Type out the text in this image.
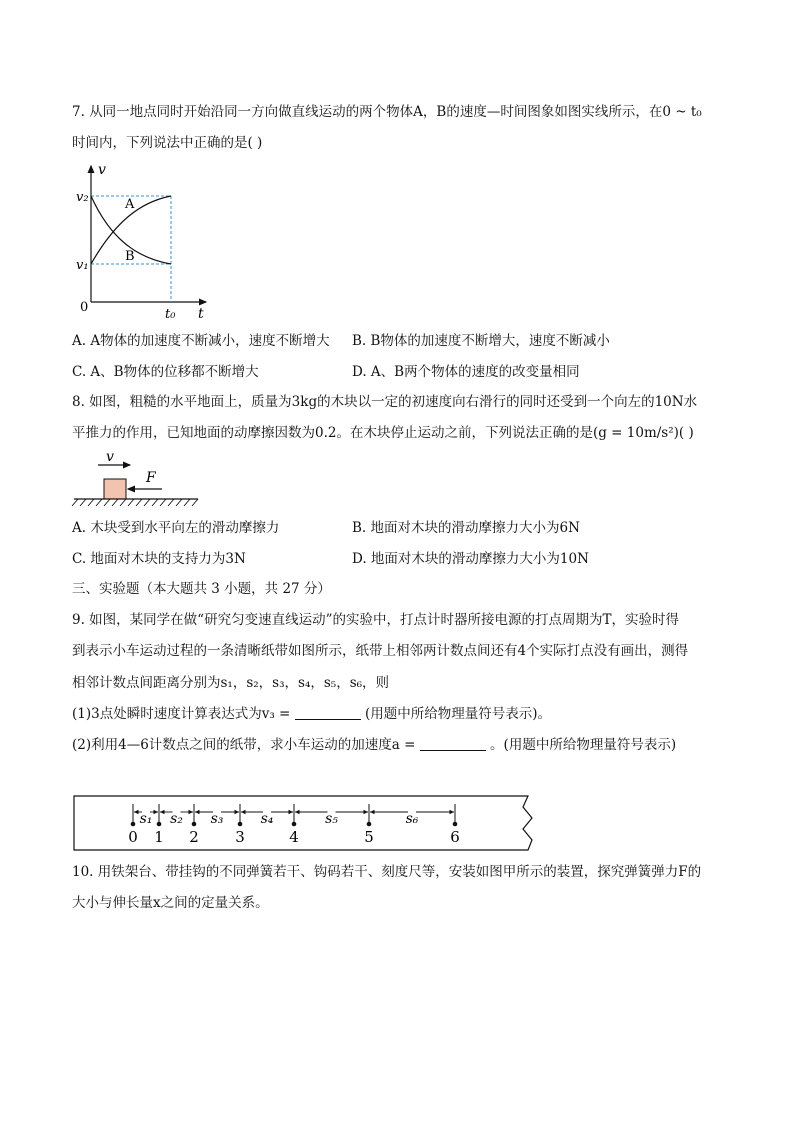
7. 从同一地点同时开始沿同一方向做直线运动的两个物体A，B的速度—时间图象如图实线所示，在0 ~ t₀
时间内，下列说法中正确的是( )
v
t
v₂
v₁
0	t₀
A
B
A. A物体的加速度不断减小，速度不断增大 B. B物体的加速度不断增大，速度不断减小
C. A、B物体的位移都不断增大	D. A、B两个物体的速度的改变量相同
8. 如图，粗糙的水平地面上，质量为3kg的木块以一定的初速度向右滑行的同时还受到一个向左的10N水
平推力的作用，已知地面的动摩擦因数为0.2。在木块停止运动之前，下列说法正确的是(g = 10m/s²)( )
v
F
A. 木块受到水平向左的滑动摩擦力	B. 地面对木块的滑动摩擦力大小为6N
C. 地面对木块的支持力为3N	D. 地面对木块的滑动摩擦力大小为10N
三、实验题（本大题共 3 小题，共 27 分）
9. 如图，某同学在做“研究匀变速直线运动”的实验中，打点计时器所接电源的打点周期为T，实验时得
到表示小车运动过程的一条清晰纸带如图所示，纸带上相邻两计数点间还有4个实际打点没有画出，测得
相邻计数点间距离分别为s₁，s₂，s₃，s₄，s₅，s₆，则
(1)3点处瞬时速度计算表达式为v₃ =	(用题中所给物理量符号表示)。
(2)利用4—6计数点之间的纸带，求小车运动的加速度a =	。(用题中所给物理量符号表示)
0 1 2 3	4	5	6
s₁ s₂ s₃	s₄	s₅	s₆
10. 用铁架台、带挂钩的不同弹簧若干、钩码若干、刻度尺等，安装如图甲所示的装置，探究弹簧弹力F的
大小与伸长量x之间的定量关系。
